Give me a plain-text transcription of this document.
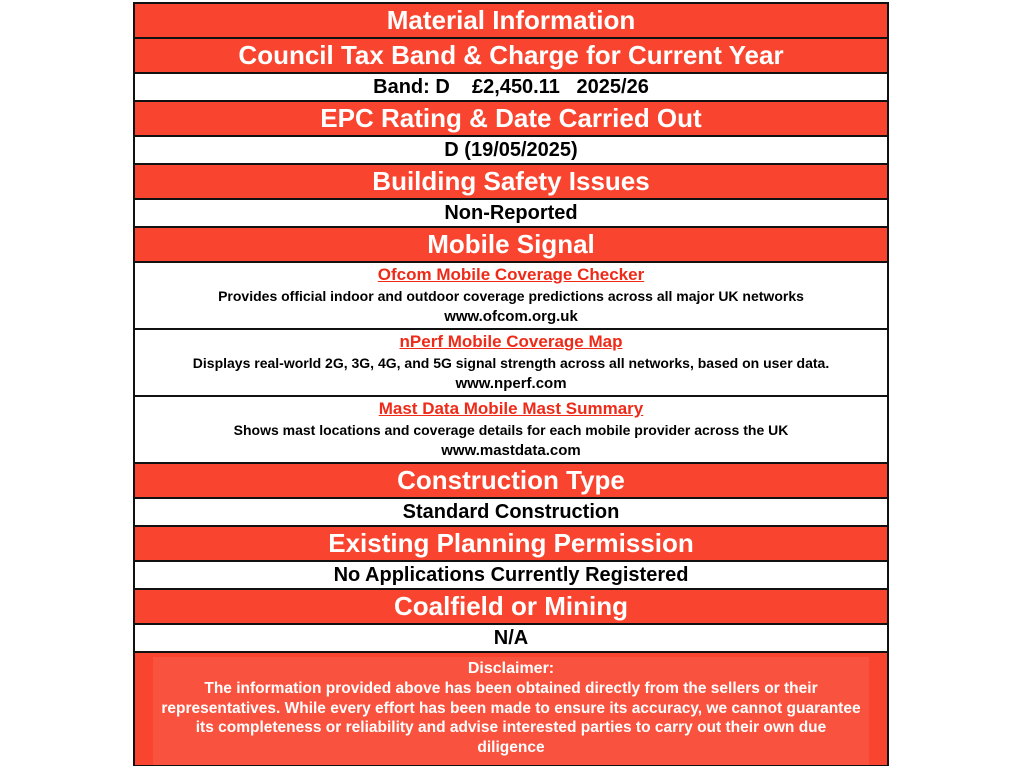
Material Information
Council Tax Band & Charge for Current Year
Band: D    £2,450.11   2025/26
EPC Rating & Date Carried Out
D (19/05/2025)
Building Safety Issues
Non-Reported
Mobile Signal
Ofcom Mobile Coverage Checker
Provides official indoor and outdoor coverage predictions across all major UK networks
www.ofcom.org.uk
nPerf Mobile Coverage Map
Displays real-world 2G, 3G, 4G, and 5G signal strength across all networks, based on user data.
www.nperf.com
Mast Data Mobile Mast Summary
Shows mast locations and coverage details for each mobile provider across the UK
www.mastdata.com
Construction Type
Standard Construction
Existing Planning Permission
No Applications Currently Registered
Coalfield or Mining
N/A
Disclaimer:
The information provided above has been obtained directly from the sellers or their representatives. While every effort has been made to ensure its accuracy, we cannot guarantee its completeness or reliability and advise interested parties to carry out their own due diligence
